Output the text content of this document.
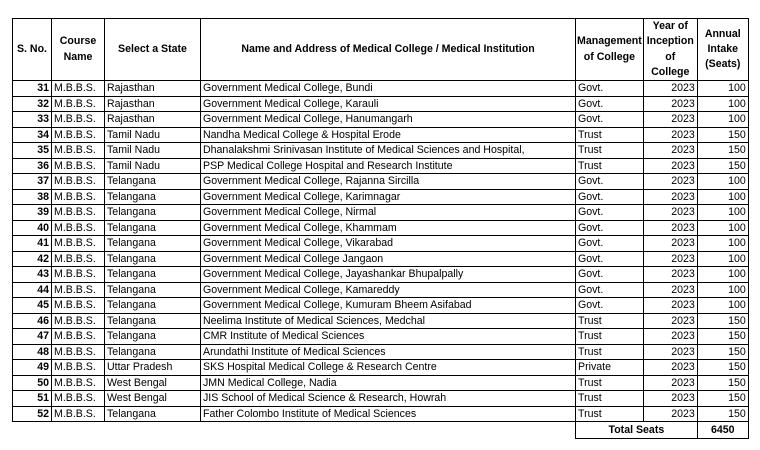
S. No.	Course Name	Select a State	Name and Address of Medical College / Medical Institution	Management of College	Year of Inception of College	Annual Intake (Seats)
31	M.B.B.S.	Rajasthan	Government Medical College, Bundi	Govt.	2023	100
32	M.B.B.S.	Rajasthan	Government Medical College, Karauli	Govt.	2023	100
33	M.B.B.S.	Rajasthan	Government Medical College, Hanumangarh	Govt.	2023	100
34	M.B.B.S.	Tamil Nadu	Nandha Medical College & Hospital Erode	Trust	2023	150
35	M.B.B.S.	Tamil Nadu	Dhanalakshmi Srinivasan Institute of Medical Sciences and Hospital,	Trust	2023	150
36	M.B.B.S.	Tamil Nadu	PSP Medical College Hospital and Research Institute	Trust	2023	150
37	M.B.B.S.	Telangana	Government Medical College, Rajanna Sircilla	Govt.	2023	100
38	M.B.B.S.	Telangana	Government Medical College, Karimnagar	Govt.	2023	100
39	M.B.B.S.	Telangana	Government Medical College, Nirmal	Govt.	2023	100
40	M.B.B.S.	Telangana	Government Medical College, Khammam	Govt.	2023	100
41	M.B.B.S.	Telangana	Government Medical College, Vikarabad	Govt.	2023	100
42	M.B.B.S.	Telangana	Government Medical College Jangaon	Govt.	2023	100
43	M.B.B.S.	Telangana	Government Medical College, Jayashankar Bhupalpally	Govt.	2023	100
44	M.B.B.S.	Telangana	Government Medical College, Kamareddy	Govt.	2023	100
45	M.B.B.S.	Telangana	Government Medical College, Kumuram Bheem Asifabad	Govt.	2023	100
46	M.B.B.S.	Telangana	Neelima Institute of Medical Sciences, Medchal	Trust	2023	150
47	M.B.B.S.	Telangana	CMR Institute of Medical Sciences	Trust	2023	150
48	M.B.B.S.	Telangana	Arundathi Institute of Medical Sciences	Trust	2023	150
49	M.B.B.S.	Uttar Pradesh	SKS Hospital Medical College & Research Centre	Private	2023	150
50	M.B.B.S.	West Bengal	JMN Medical College, Nadia	Trust	2023	150
51	M.B.B.S.	West Bengal	JIS School of Medical Science & Research, Howrah	Trust	2023	150
52	M.B.B.S.	Telangana	Father Colombo Institute of Medical Sciences	Trust	2023	150
				Total Seats		6450
